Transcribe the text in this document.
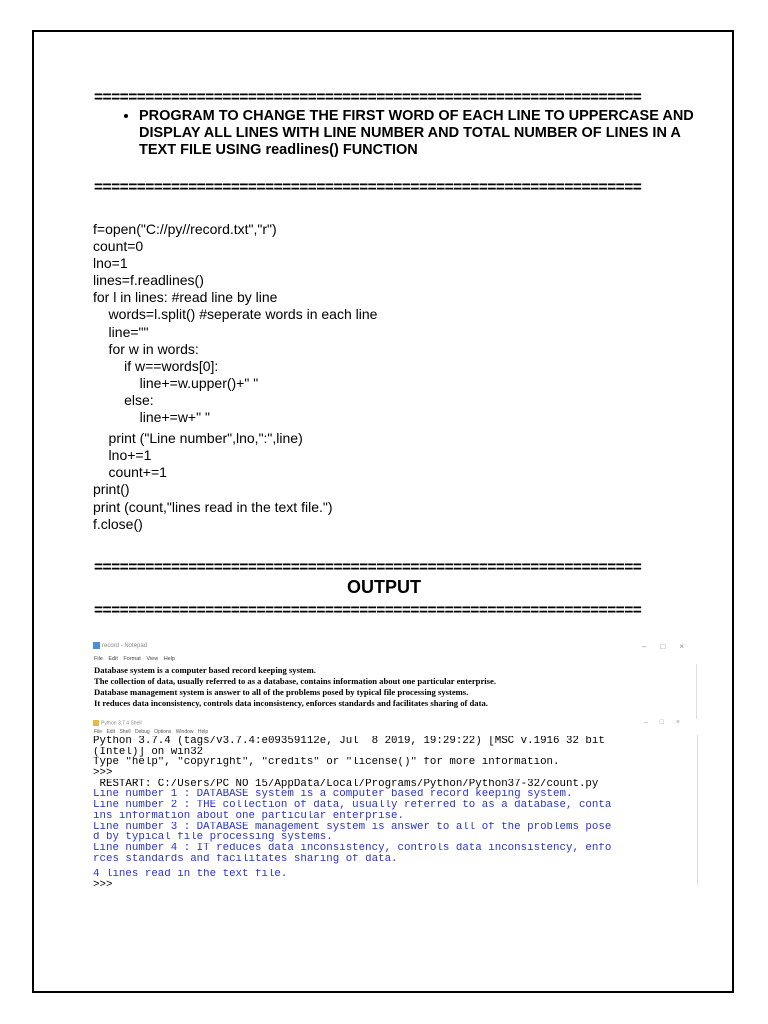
================================================================
• PROGRAM TO CHANGE THE FIRST WORD OF EACH LINE TO UPPERCASE AND DISPLAY ALL LINES WITH LINE NUMBER AND TOTAL NUMBER OF LINES IN A TEXT FILE USING readlines() FUNCTION
================================================================
f=open("C://py//record.txt","r")
count=0
lno=1
lines=f.readlines()
for l in lines: #read line by line
words=l.split() #seperate words in each line
line=""
for w in words:
if w==words[0]:
line+=w.upper()+" "
else:
line+=w+" "
print ("Line number",lno,":",line)
lno+=1
count+=1
print()
print (count,"lines read in the text file.")
f.close()
================================================================
OUTPUT
================================================================
record - Notepad	–□×
File Edit Format View Help
Database system is a computer based record keeping system.
The collection of data, usually referred to as a database, contains information about one particular enterprise.
Database management system is answer to all of the problems posed by typical file processing systems.
It reduces data inconsistency, controls data inconsistency, enforces standards and facilitates sharing of data.
Python 3.7.4 Shell	–□×
File Edit Shell Debug Options Window Help
Python 3.7.4 (tags/v3.7.4:e09359112e, Jul  8 2019, 19:29:22) [MSC v.1916 32 bit
(Intel)] on win32
Type "help", "copyright", "credits" or "license()" for more information.
>>>
RESTART: C:/Users/PC NO 15/AppData/Local/Programs/Python/Python37-32/count.py
Line number 1 : DATABASE system is a computer based record keeping system.
Line number 2 : THE collection of data, usually referred to as a database, conta
ins information about one particular enterprise.
Line number 3 : DATABASE management system is answer to all of the problems pose
d by typical file processing systems.
Line number 4 : IT reduces data inconsistency, controls data inconsistency, enfo
rces standards and facilitates sharing of data.
4 lines read in the text file.
>>>
